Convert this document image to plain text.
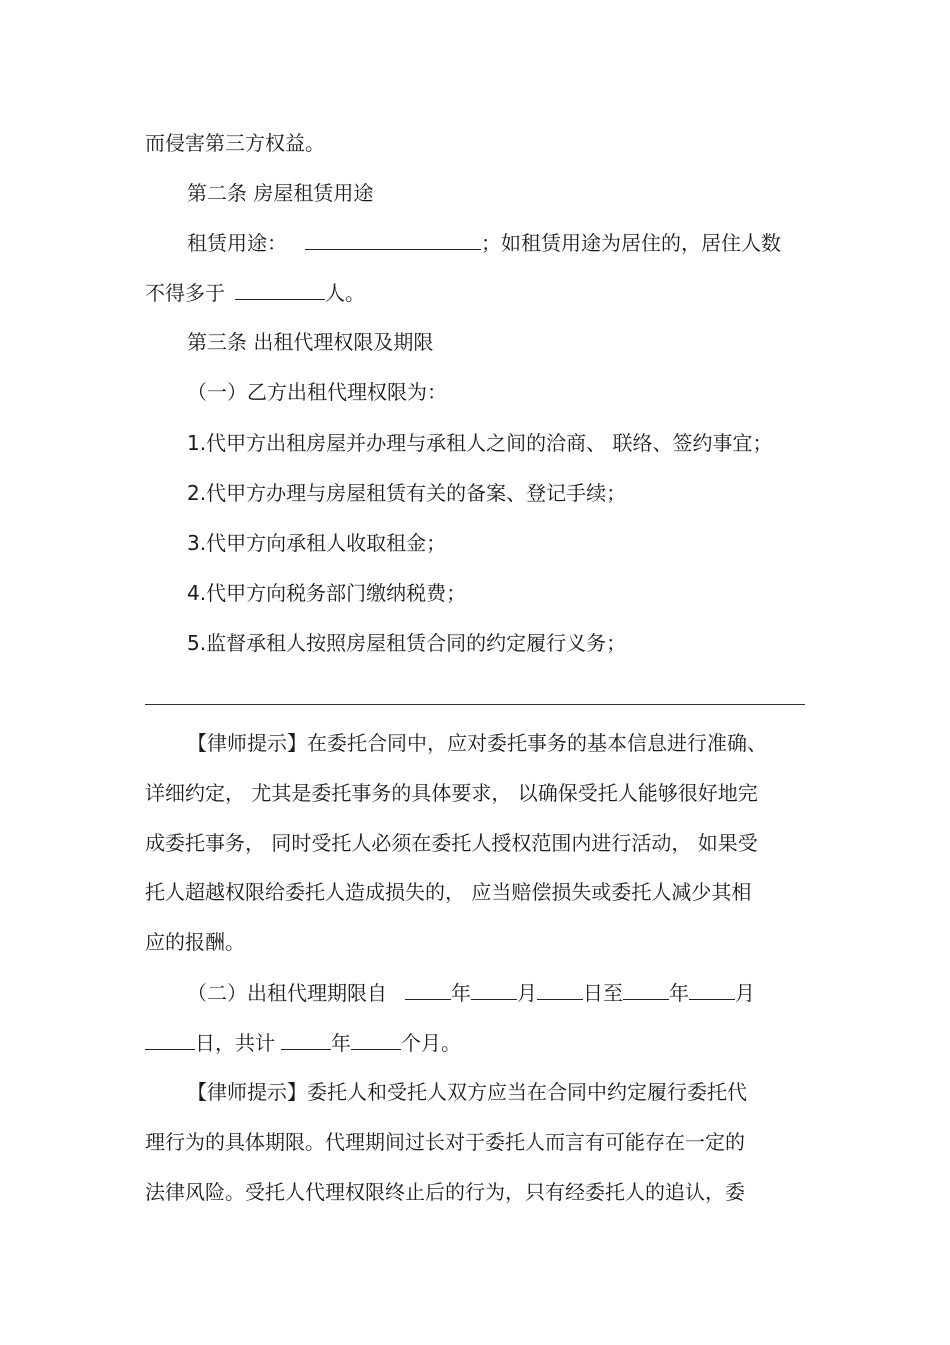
而侵害第三方权益。
第二条 房屋租赁用途
租赁用途：	；如租赁用途为居住的，居住人数
不得多于	人。
第三条 出租代理权限及期限
（一）乙方出租代理权限为：
1.代甲方出租房屋并办理与承租人之间的洽商、 联络、签约事宜；
2.代甲方办理与房屋租赁有关的备案、登记手续；
3.代甲方向承租人收取租金；
4.代甲方向税务部门缴纳税费；
5.监督承租人按照房屋租赁合同的约定履行义务；
【律师提示】在委托合同中，应对委托事务的基本信息进行准确、
详细约定， 尤其是委托事务的具体要求， 以确保受托人能够很好地完
成委托事务， 同时受托人必须在委托人授权范围内进行活动， 如果受
托人超越权限给委托人造成损失的， 应当赔偿损失或委托人减少其相
应的报酬。
（二）出租代理期限自	年 月 日至 年 月
日，共计	年	个月。
【律师提示】委托人和受托人双方应当在合同中约定履行委托代
理行为的具体期限。代理期间过长对于委托人而言有可能存在一定的
法律风险。受托人代理权限终止后的行为，只有经委托人的追认，委
